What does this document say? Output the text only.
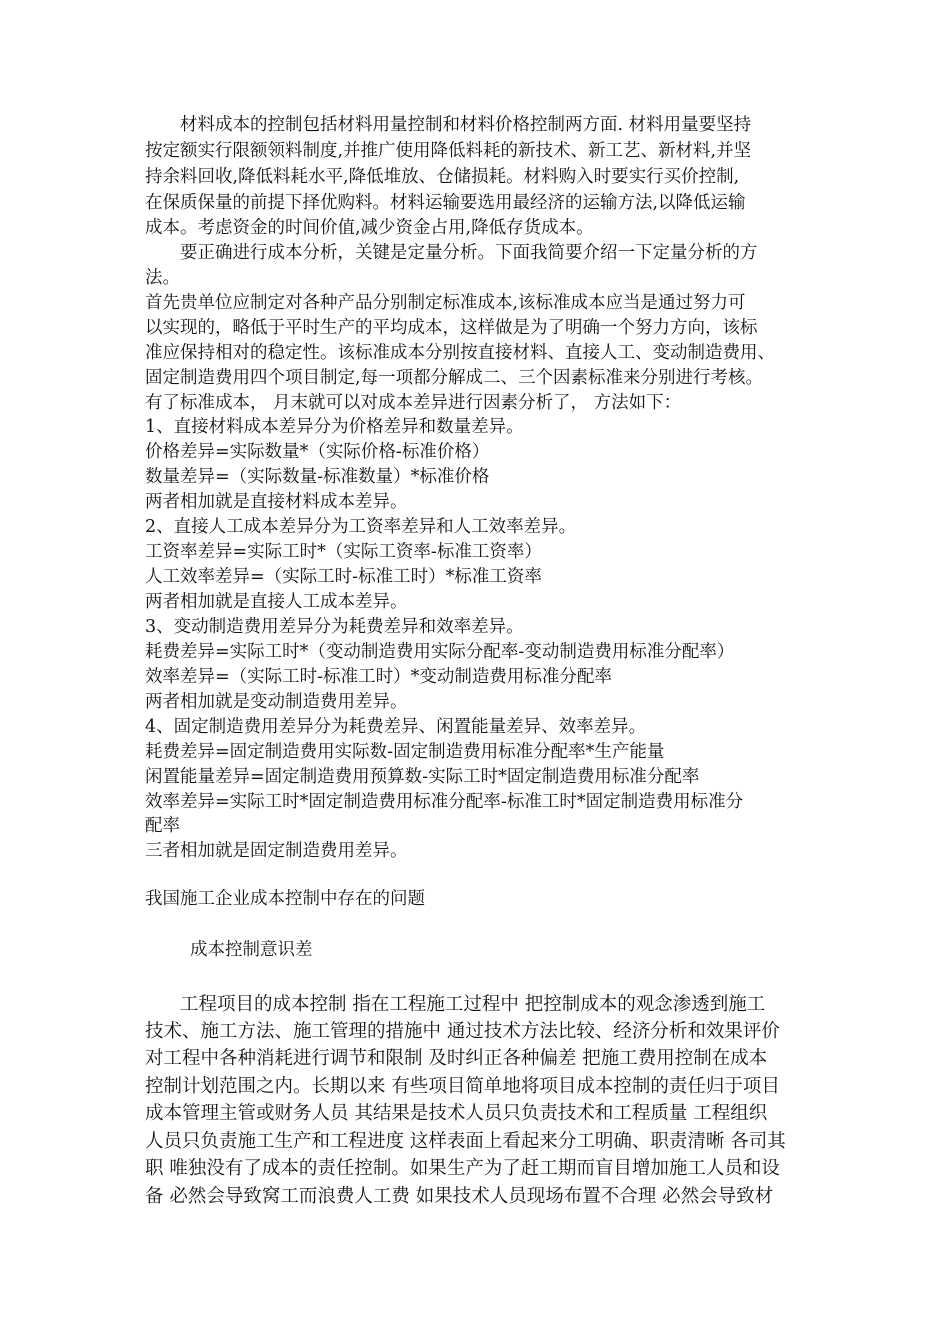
材料成本的控制包括材料用量控制和材料价格控制两方面. 材料用量要坚持

按定额实行限额领料制度,并推广使用降低料耗的新技术、新工艺、新材料,并坚

持余料回收,降低料耗水平,降低堆放、仓储损耗。材料购入时要实行买价控制,

在保质保量的前提下择优购料。材料运输要选用最经济的运输方法,以降低运输

成本。考虑资金的时间价值,减少资金占用,降低存货成本。

要正确进行成本分析，关键是定量分析。下面我简要介绍一下定量分析的方

法。

首先贵单位应制定对各种产品分别制定标准成本,该标准成本应当是通过努力可

以实现的，略低于平时生产的平均成本，这样做是为了明确一个努力方向，该标

准应保持相对的稳定性。该标准成本分别按直接材料、直接人工、变动制造费用、

固定制造费用四个项目制定,每一项都分解成二、三个因素标准来分别进行考核。

有了标准成本， 月末就可以对成本差异进行因素分析了， 方法如下：

1、直接材料成本差异分为价格差异和数量差异。

价格差异=实际数量*（实际价格-标准价格）

数量差异=（实际数量-标准数量）*标准价格

两者相加就是直接材料成本差异。

2、直接人工成本差异分为工资率差异和人工效率差异。

工资率差异=实际工时*（实际工资率-标准工资率）

人工效率差异=（实际工时-标准工时）*标准工资率

两者相加就是直接人工成本差异。

3、变动制造费用差异分为耗费差异和效率差异。

耗费差异=实际工时*（变动制造费用实际分配率-变动制造费用标准分配率）

效率差异=（实际工时-标准工时）*变动制造费用标准分配率

两者相加就是变动制造费用差异。

4、固定制造费用差异分为耗费差异、闲置能量差异、效率差异。

耗费差异=固定制造费用实际数-固定制造费用标准分配率*生产能量

闲置能量差异=固定制造费用预算数-实际工时*固定制造费用标准分配率

效率差异=实际工时*固定制造费用标准分配率-标准工时*固定制造费用标准分

配率

三者相加就是固定制造费用差异。

我国施工企业成本控制中存在的问题

成本控制意识差

工程项目的成本控制 指在工程施工过程中 把控制成本的观念渗透到施工

技术、施工方法、施工管理的措施中 通过技术方法比较、经济分析和效果评价

对工程中各种消耗进行调节和限制 及时纠正各种偏差 把施工费用控制在成本

控制计划范围之内。长期以来 有些项目简单地将项目成本控制的责任归于项目

成本管理主管或财务人员 其结果是技术人员只负责技术和工程质量 工程组织

人员只负责施工生产和工程进度 这样表面上看起来分工明确、职责清晰 各司其

职 唯独没有了成本的责任控制。如果生产为了赶工期而盲目增加施工人员和设

备 必然会导致窝工而浪费人工费 如果技术人员现场布置不合理 必然会导致材
